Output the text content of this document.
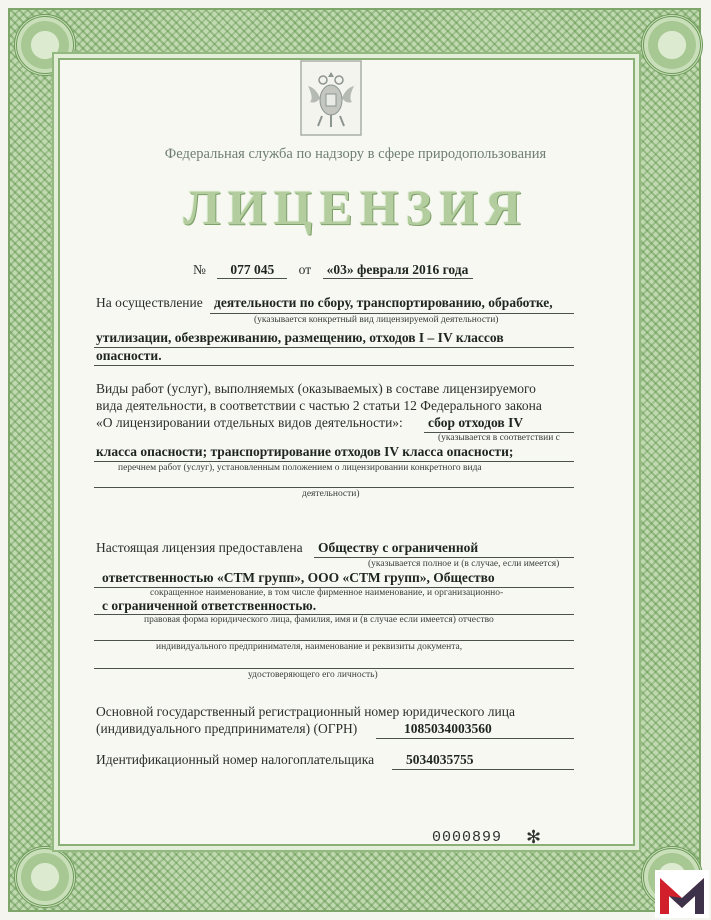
Федеральная служба по надзору в сфере природопользования
ЛИЦЕНЗИЯ
№ 077 045 от «03» февраля 2016 года
На осуществление деятельности по сбору, транспортированию, обработке,
(указывается конкретный вид лицензируемой деятельности)
утилизации, обезвреживанию, размещению, отходов I – IV классов
опасности.
Виды работ (услуг), выполняемых (оказываемых) в составе лицензируемого
вида деятельности, в соответствии с частью 2 статьи 12 Федерального закона
«О лицензировании отдельных видов деятельности»: сбор отходов IV
(указывается в соответствии с
класса опасности; транспортирование отходов IV класса опасности;
перечнем работ (услуг), установленным положением о лицензировании конкретного вида
деятельности)
Настоящая лицензия предоставлена Обществу с ограниченной
(указывается полное и (в случае, если имеется)
ответственностью «СТМ групп», ООО «СТМ групп», Общество
сокращенное наименование, в том числе фирменное наименование, и организационно-
с ограниченной ответственностью.
правовая форма юридического лица, фамилия, имя и (в случае если имеется) отчество
индивидуального предпринимателя, наименование и реквизиты документа,
удостоверяющего его личность)
Основной государственный регистрационный номер юридического лица
(индивидуального предпринимателя) (ОГРН)	1085034003560
Идентификационный номер налогоплательщика 5034035755
0000899 ✻
